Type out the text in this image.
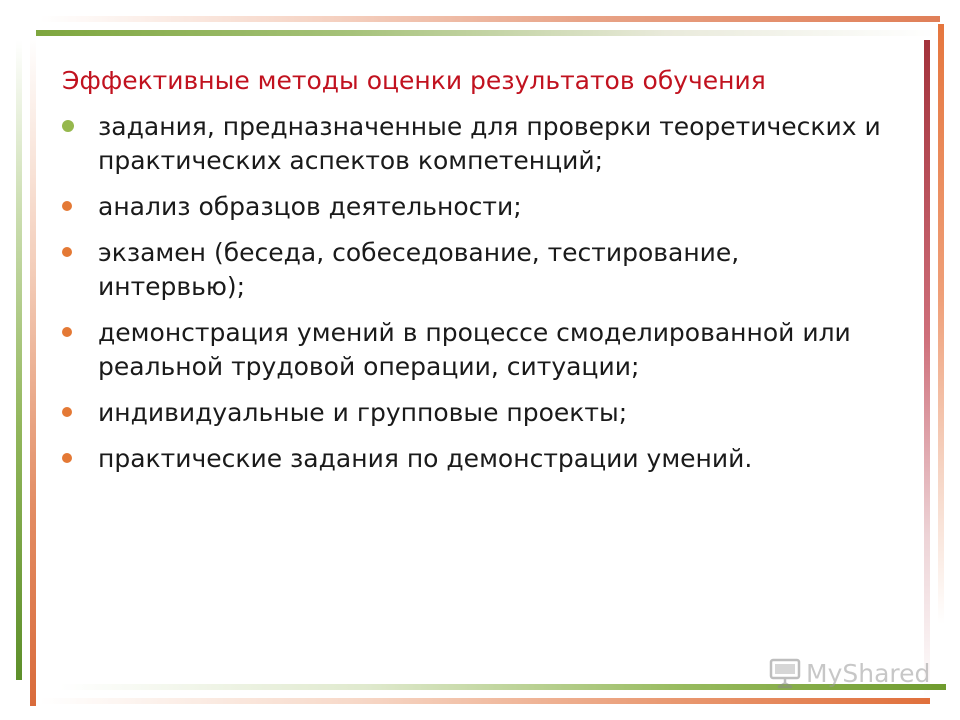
Эффективные методы оценки результатов обучения
задания, предназначенные для проверки теоретических и практических аспектов компетенций;
анализ образцов деятельности;
экзамен (беседа, собеседование, тестирование, интервью);
демонстрация умений в процессе смоделированной или реальной трудовой операции, ситуации;
индивидуальные и групповые проекты;
практические задания по демонстрации умений.
MyShared
